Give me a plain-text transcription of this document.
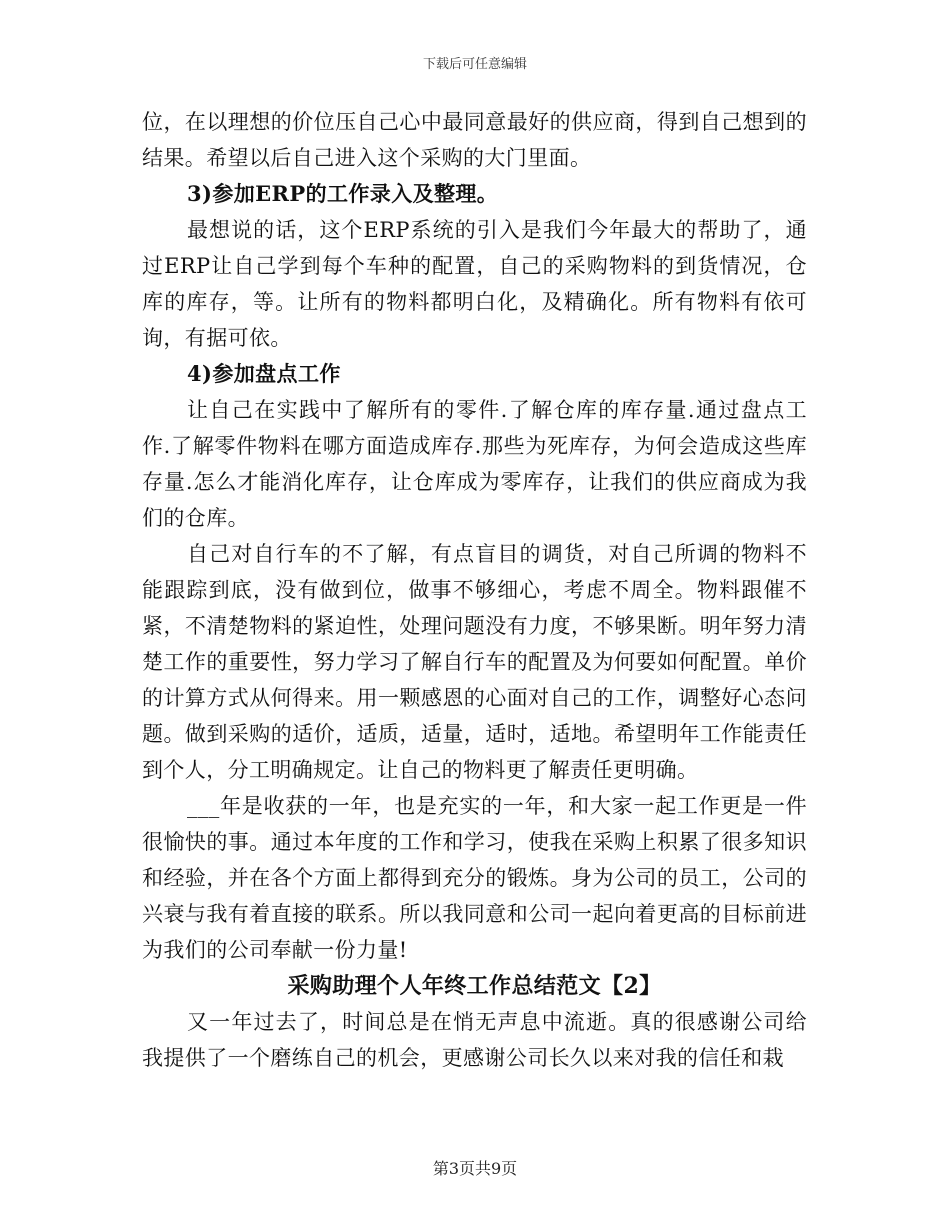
下载后可任意编辑

位，在以理想的价位压自己心中最同意最好的供应商，得到自己想到的结果。希望以后自己进入这个采购的大门里面。

3)参加ERP的工作录入及整理。

最想说的话，这个ERP系统的引入是我们今年最大的帮助了，通过ERP让自己学到每个车种的配置，自己的采购物料的到货情况，仓库的库存，等。让所有的物料都明白化，及精确化。所有物料有依可询，有据可依。

4)参加盘点工作

让自己在实践中了解所有的零件.了解仓库的库存量.通过盘点工作.了解零件物料在哪方面造成库存.那些为死库存，为何会造成这些库存量.怎么才能消化库存，让仓库成为零库存，让我们的供应商成为我们的仓库。

自己对自行车的不了解，有点盲目的调货，对自己所调的物料不能跟踪到底，没有做到位，做事不够细心，考虑不周全。物料跟催不紧，不清楚物料的紧迫性，处理问题没有力度，不够果断。明年努力清楚工作的重要性，努力学习了解自行车的配置及为何要如何配置。单价的计算方式从何得来。用一颗感恩的心面对自己的工作，调整好心态问题。做到采购的适价，适质，适量，适时，适地。希望明年工作能责任到个人，分工明确规定。让自己的物料更了解责任更明确。

___年是收获的一年，也是充实的一年，和大家一起工作更是一件很愉快的事。通过本年度的工作和学习，使我在采购上积累了很多知识和经验，并在各个方面上都得到充分的锻炼。身为公司的员工，公司的兴衰与我有着直接的联系。所以我同意和公司一起向着更高的目标前进为我们的公司奉献一份力量!

采购助理个人年终工作总结范文【2】

又一年过去了，时间总是在悄无声息中流逝。真的很感谢公司给我提供了一个磨练自己的机会，更感谢公司长久以来对我的信任和栽

第3页共9页
